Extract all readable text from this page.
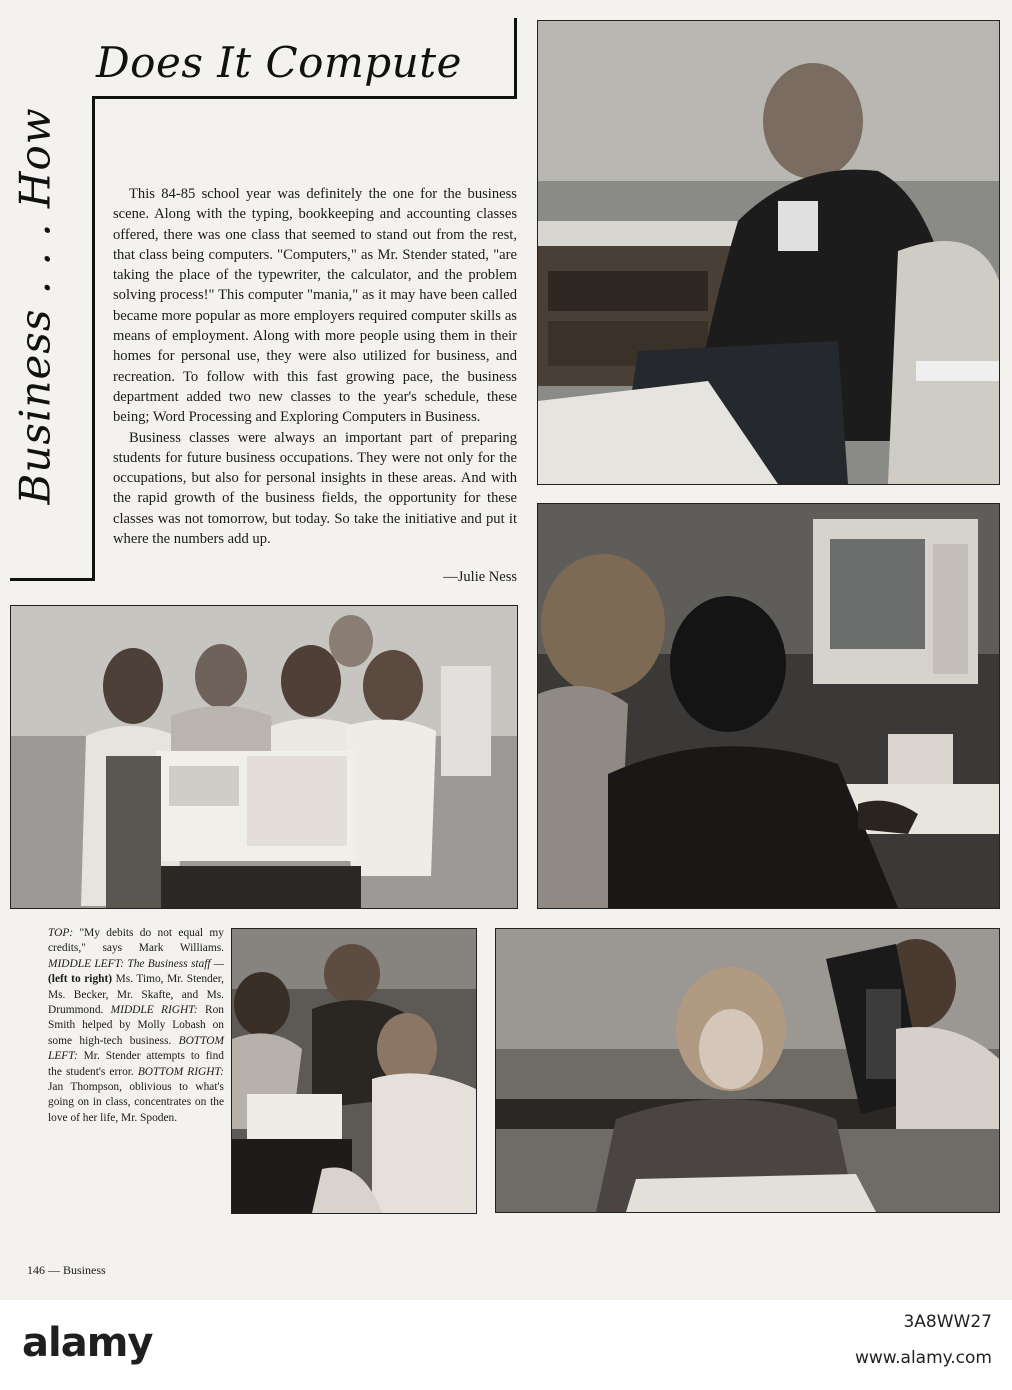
Does It Compute
Business . . . How	This 84-85 school year was definitely the one for the business scene. Along with the typing, bookkeeping and accounting classes offered, there was one class that seemed to stand out from the rest, that class being computers. "Computers," as Mr. Stender stated, "are taking the place of the typewriter, the calculator, and the problem solving process!" This computer "mania," as it may have been called became more popular as more employers required computer skills as means of employment. Along with more people using them in their homes for personal use, they were also utilized for business, and recreation. To follow with this fast growing pace, the business department added two new classes to the year's schedule, these being; Word Processing and Exploring Computers in Business.

Business classes were always an important part of preparing students for future business occupations. They were not only for the occupations, but also for personal insights in these areas. And with the rapid growth of the business fields, the opportunity for these classes was not tomorrow, but today. So take the initiative and put it where the numbers add up.

—Julie Ness
TOP: "My debits do not equal my credits," says Mark Williams. MIDDLE LEFT: The Business staff — (left to right) Ms. Timo, Mr. Stender, Ms. Becker, Mr. Skafte, and Ms. Drummond. MIDDLE RIGHT: Ron Smith helped by Molly Lobash on some high-tech business. BOTTOM LEFT: Mr. Stender attempts to find the student's error. BOTTOM RIGHT: Jan Thompson, oblivious to what's going on in class, concentrates on the love of her life, Mr. Spoden.
146 — Business
alamy	3A8WW27
www.alamy.com
